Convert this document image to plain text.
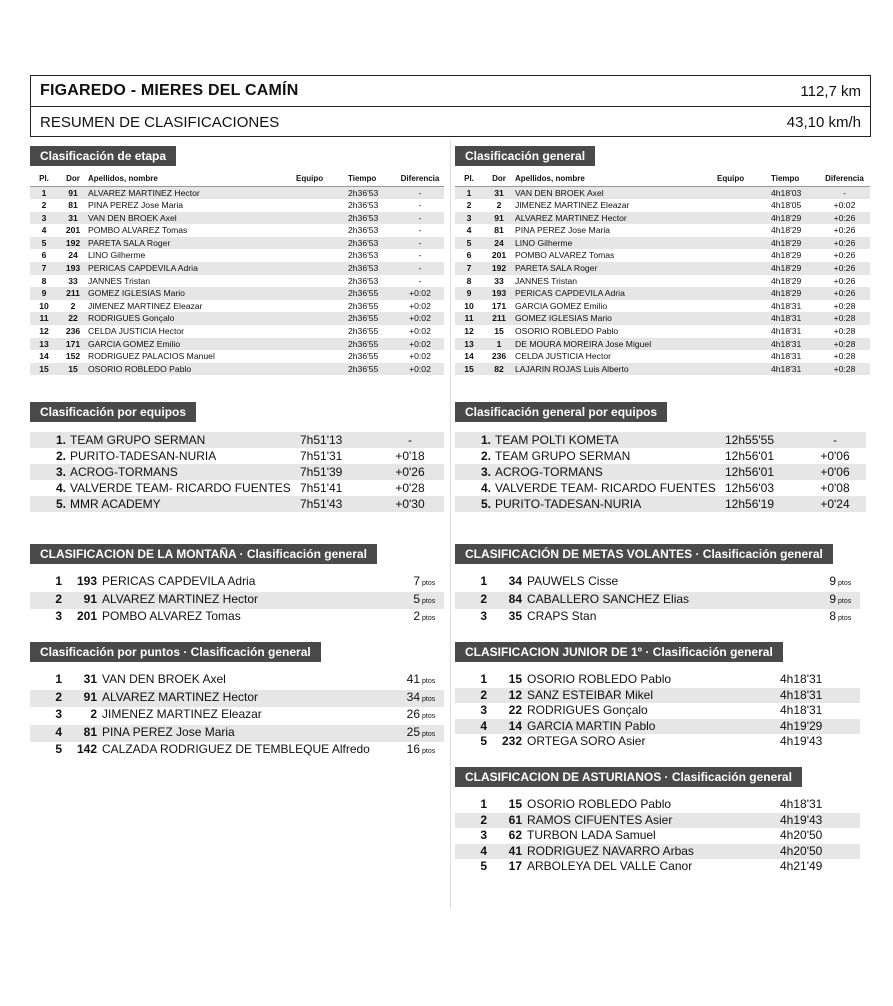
FIGAREDO - MIERES DEL CAMÍN	112,7 km
RESUMEN DE CLASIFICACIONES	43,10 km/h
Clasificación de etapa
Pl.	Dor	Apellidos, nombre	Equipo	Tiempo	Diferencia
1	91	ALVAREZ MARTINEZ Hector		2h36'53	-
2	81	PINA PEREZ Jose Maria		2h36'53	-
3	31	VAN DEN BROEK Axel		2h36'53	-
4	201	POMBO ALVAREZ Tomas		2h36'53	-
5	192	PARETA SALA Roger		2h36'53	-
6	24	LINO Gilherme		2h36'53	-
7	193	PERICAS CAPDEVILA Adria		2h36'53	-
8	33	JANNES Tristan		2h36'53	-
9	211	GOMEZ IGLESIAS Mario		2h36'55	+0:02
10	2	JIMENEZ MARTINEZ Eleazar		2h36'55	+0:02
11	22	RODRIGUES Gonçalo		2h36'55	+0:02
12	236	CELDA JUSTICIA Hector		2h36'55	+0:02
13	171	GARCIA GOMEZ Emilio		2h36'55	+0:02
14	152	RODRIGUEZ PALACIOS Manuel		2h36'55	+0:02
15	15	OSORIO ROBLEDO Pablo		2h36'55	+0:02
Clasificación general
Pl.	Dor	Apellidos, nombre	Equipo	Tiempo	Diferencia
1	31	VAN DEN BROEK Axel		4h18'03	-
2	2	JIMENEZ MARTINEZ Eleazar		4h18'05	+0:02
3	91	ALVAREZ MARTINEZ Hector		4h18'29	+0:26
4	81	PINA PEREZ Jose Maria		4h18'29	+0:26
5	24	LINO Gilherme		4h18'29	+0:26
6	201	POMBO ALVAREZ Tomas		4h18'29	+0:26
7	192	PARETA SALA Roger		4h18'29	+0:26
8	33	JANNES Tristan		4h18'29	+0:26
9	193	PERICAS CAPDEVILA Adria		4h18'29	+0:26
10	171	GARCIA GOMEZ Emilio		4h18'31	+0:28
11	211	GOMEZ IGLESIAS Mario		4h18'31	+0:28
12	15	OSORIO ROBLEDO Pablo		4h18'31	+0:28
13	1	DE MOURA MOREIRA Jose Miguel		4h18'31	+0:28
14	236	CELDA JUSTICIA Hector		4h18'31	+0:28
15	82	LAJARIN ROJAS Luis Alberto		4h18'31	+0:28
Clasificación por equipos
1. TEAM GRUPO SERMAN	7h51'13	-
2. PURITO-TADESAN-NURIA	7h51'31	+0'18
3. ACROG-TORMANS	7h51'39	+0'26
4. VALVERDE TEAM- RICARDO FUENTES 7h51'41	+0'28
5. MMR ACADEMY	7h51'43	+0'30
Clasificación general por equipos
1. TEAM POLTI KOMETA	12h55'55	-
2. TEAM GRUPO SERMAN	12h56'01	+0'06
3. ACROG-TORMANS	12h56'01	+0'06
4. VALVERDE TEAM- RICARDO FUENTES 12h56'03	+0'08
5. PURITO-TADESAN-NURIA	12h56'19	+0'24
CLASIFICACION DE LA MONTAÑA · Clasificación general
1	193 PERICAS CAPDEVILA Adria	7 ptos
2	91 ALVAREZ MARTINEZ Hector	5 ptos
3	201 POMBO ALVAREZ Tomas	2 ptos
CLASIFICACIÓN DE METAS VOLANTES · Clasificación general
1	34 PAUWELS Cisse	9 ptos
2	84 CABALLERO SANCHEZ Elias	9 ptos
3	35 CRAPS Stan	8 ptos
Clasificación por puntos · Clasificación general
1	31 VAN DEN BROEK Axel	41 ptos
2	91 ALVAREZ MARTINEZ Hector	34 ptos
3	2 JIMENEZ MARTINEZ Eleazar	26 ptos
4	81 PINA PEREZ Jose Maria	25 ptos
5	142 CALZADA RODRIGUEZ DE TEMBLEQUE Alfredo	16 ptos
CLASIFICACION JUNIOR DE 1º · Clasificación general
1	15 OSORIO ROBLEDO Pablo	4h18'31
2	12 SANZ ESTEIBAR Mikel	4h18'31
3	22 RODRIGUES Gonçalo	4h18'31
4	14 GARCIA MARTIN Pablo	4h19'29
5	232 ORTEGA SORO Asier	4h19'43
CLASIFICACION DE ASTURIANOS · Clasificación general
1	15 OSORIO ROBLEDO Pablo	4h18'31
2	61 RAMOS CIFUENTES Asier	4h19'43
3	62 TURBON LADA Samuel	4h20'50
4	41 RODRIGUEZ NAVARRO Arbas	4h20'50
5	17 ARBOLEYA DEL VALLE Canor	4h21'49
